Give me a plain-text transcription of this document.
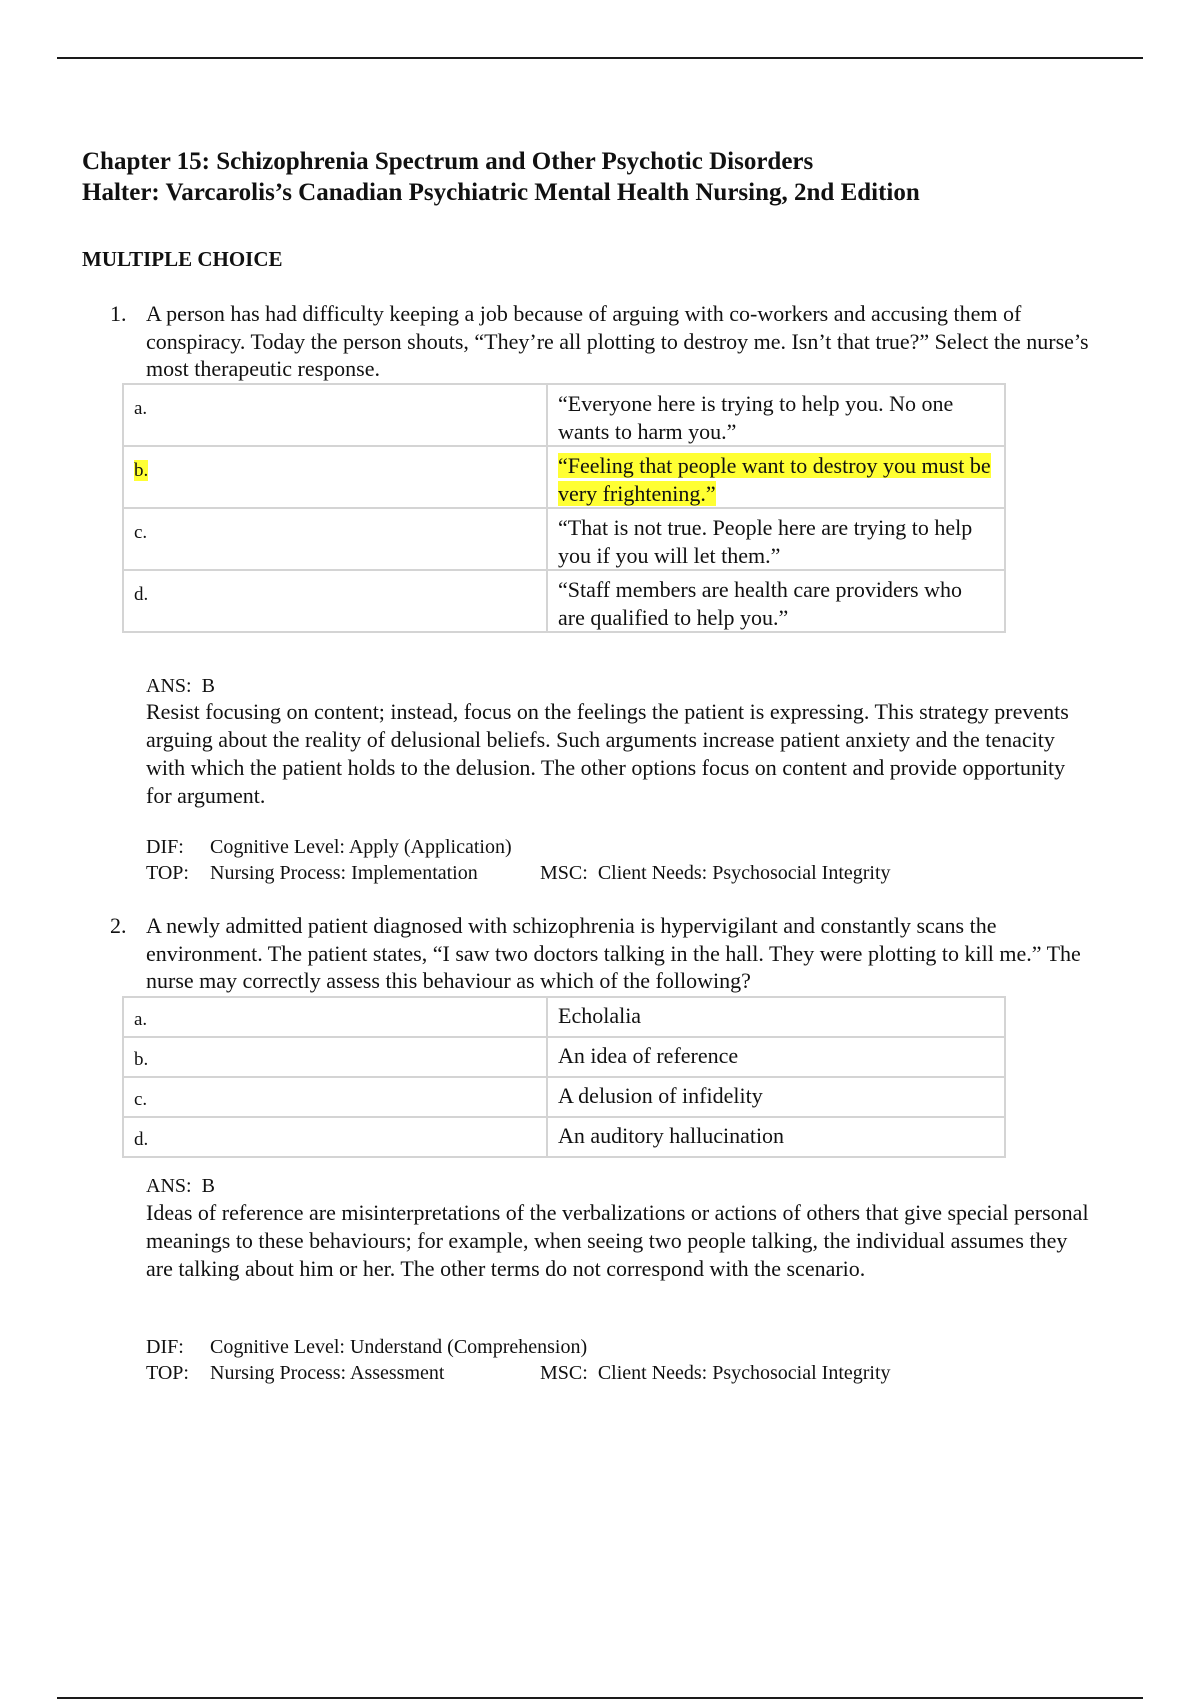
Chapter 15: Schizophrenia Spectrum and Other Psychotic Disorders
Halter: Varcarolis’s Canadian Psychiatric Mental Health Nursing, 2nd Edition
MULTIPLE CHOICE
1. A person has had difficulty keeping a job because of arguing with co-workers and accusing them of conspiracy. Today the person shouts, “They’re all plotting to destroy me. Isn’t that true?” Select the nurse’s most therapeutic response.

a.	“Everyone here is trying to help you. No one wants to harm you.”
b.	“Feeling that people want to destroy you must be very frightening.”
c.	“That is not true. People here are trying to help you if you will let them.”
d.	“Staff members are health care providers who are qualified to help you.”
ANS: B

Resist focusing on content; instead, focus on the feelings the patient is expressing. This strategy prevents arguing about the reality of delusional beliefs. Such arguments increase patient anxiety and the tenacity with which the patient holds to the delusion. The other options focus on content and provide opportunity for argument.

DIF: Cognitive Level: Apply (Application)
TOP: Nursing Process: Implementation	MSC: Client Needs: Psychosocial Integrity
2. A newly admitted patient diagnosed with schizophrenia is hypervigilant and constantly scans the environment. The patient states, “I saw two doctors talking in the hall. They were plotting to kill me.” The nurse may correctly assess this behaviour as which of the following?

a.	Echolalia
b.	An idea of reference
c.	A delusion of infidelity
d.	An auditory hallucination
ANS: B

Ideas of reference are misinterpretations of the verbalizations or actions of others that give special personal meanings to these behaviours; for example, when seeing two people talking, the individual assumes they are talking about him or her. The other terms do not correspond with the scenario.

DIF: Cognitive Level: Understand (Comprehension)
TOP: Nursing Process: Assessment	MSC: Client Needs: Psychosocial Integrity
